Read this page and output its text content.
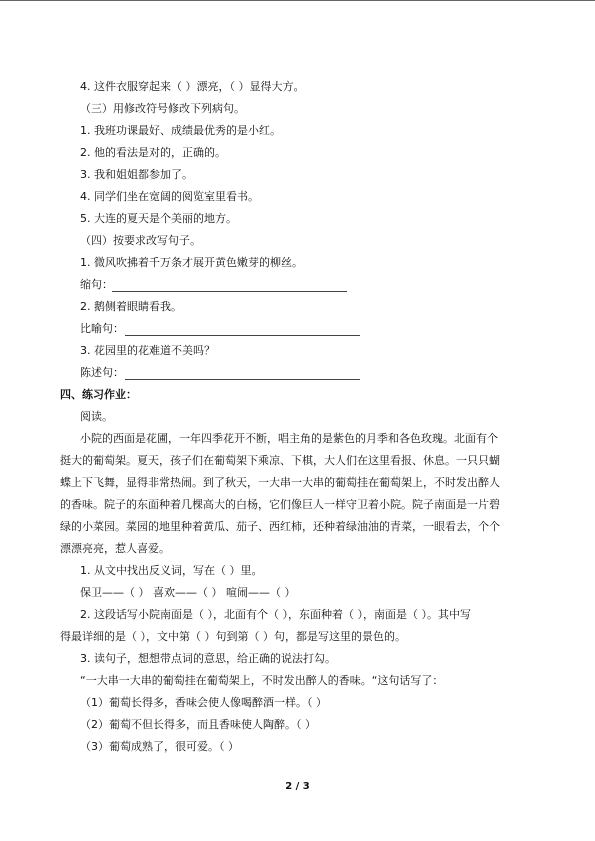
4. 这件衣服穿起来（ ）漂亮，（ ）显得大方。
（三）用修改符号修改下列病句。
1. 我班功课最好、成绩最优秀的是小红。
2. 他的看法是对的，正确的。
3. 我和姐姐都参加了。
4. 同学们坐在宽阔的阅览室里看书。
5. 大连的夏天是个美丽的地方。
（四）按要求改写句子。
1. 微风吹拂着千万条才展开黄色嫩芽的柳丝。
缩句：
2. 鹅侧着眼睛看我。
比喻句：
3. 花园里的花难道不美吗？
陈述句：
四、练习作业：
阅读。
小院的西面是花圃，一年四季花开不断，唱主角的是紫色的月季和各色玫瑰。北面有个
挺大的葡萄架。夏天，孩子们在葡萄架下乘凉、下棋，大人们在这里看报、休息。一只只蝴
蝶上下飞舞，显得非常热闹。到了秋天，一大串一大串的葡萄挂在葡萄架上，不时发出醉人
的香味。院子的东面种着几棵高大的白杨，它们像巨人一样守卫着小院。院子南面是一片碧
绿的小菜园。菜园的地里种着黄瓜、茄子、西红柿，还种着绿油油的青菜，一眼看去，个个
漂漂亮亮，惹人喜爱。
1. 从文中找出反义词，写在（ ）里。
保卫——（ ） 喜欢——（ ） 喧闹——（ ）
2. 这段话写小院南面是（ ），北面有个（ ），东面种着（ ），南面是（ ）。其中写
得最详细的是（ ），文中第（ ）句到第（ ）句，都是写这里的景色的。
3. 读句子，想想带点词的意思，给正确的说法打勾。
“一大串一大串的葡萄挂在葡萄架上，不时发出醉人的香味。“这句话写了：
（1）葡萄长得多，香味会使人像喝醉酒一样。（ ）
（2）葡萄不但长得多，而且香味使人陶醉。（ ）
（3）葡萄成熟了，很可爱。（ ）
2 / 3
